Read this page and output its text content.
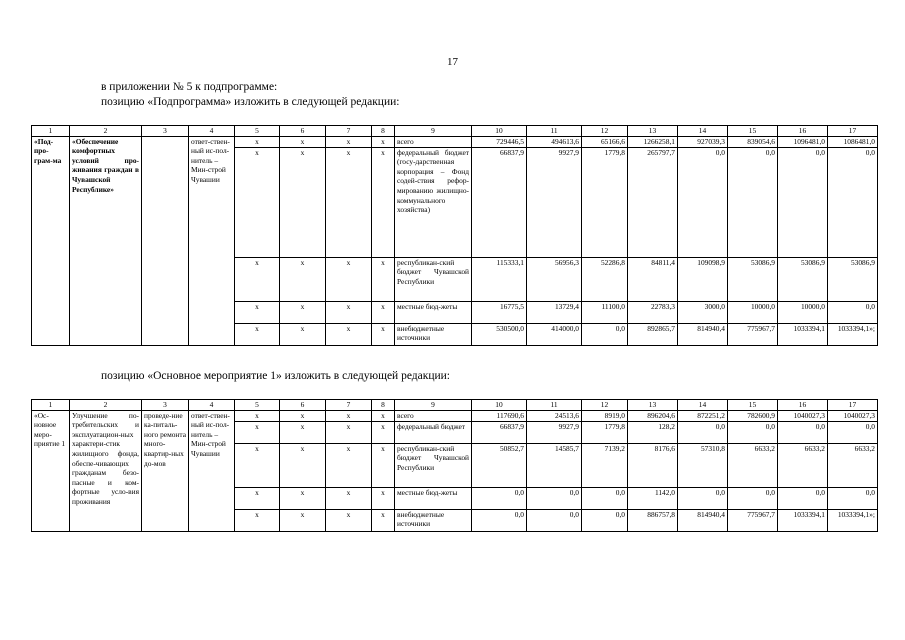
17
в приложении № 5 к подпрограмме:
позицию «Подпрограмма» изложить в следующей редакции:
1	2	3	4	5	6	7	8	9	10	11	12	13	14	15	16	17
«Под-про-грам-ма	«Обеспечение комфортных условий про-живания граждан в Чувашской Республике»		ответ-ствен-ный ис-пол-нитель – Мин-строй Чувашии	x	x	x	x	всего	729446,5	494613,6	65166,6	1266258,1	927039,3	839054,6	1096481,0	1086481,0
				x	x	x	x	федеральный бюджет (госу-дарственная корпорация – Фонд содей-ствия рефор-мированию жилищно-коммунального хозяйства)	66837,9	9927,9	1779,8	265797,7	0,0	0,0	0,0	0,0
				x	x	x	x	республикан-ский бюджет Чувашской Республики	115333,1	56956,3	52286,8	84811,4	109098,9	53086,9	53086,9	53086,9
				x	x	x	x	местные бюд-жеты	16775,5	13729,4	11100,0	22783,3	3000,0	10000,0	10000,0	0,0
				x	x	x	x	внебюджетные источники	530500,0	414000,0	0,0	892865,7	814940,4	775967,7	1033394,1	1033394,1»;
позицию «Основное мероприятие 1» изложить в следующей редакции:
1	2	3	4	5	6	7	8	9	10	11	12	13	14	15	16	17
«Ос-новное меро-приятие 1	Улучшение по-требительских и эксплуатацион-ных характери-стик жилищного фонда, обеспе-чивающих гражданам безо-пасные и ком-фортные усло-вия проживания	проведе-ние ка-питаль-ного ремонта много-квартир-ных до-мов	ответ-ствен-ный ис-пол-нитель – Мин-строй Чувашии	x	x	x	x	всего	117690,6	24513,6	8919,0	896204,6	872251,2	782600,9	1040027,3	1040027,3
				x	x	x	x	федеральный бюджет	66837,9	9927,9	1779,8	128,2	0,0	0,0	0,0	0,0
				x	x	x	x	республикан-ский бюджет Чувашской Республики	50852,7	14585,7	7139,2	8176,6	57310,8	6633,2	6633,2	6633,2
				x	x	x	x	местные бюд-жеты	0,0	0,0	0,0	1142,0	0,0	0,0	0,0	0,0
				x	x	x	x	внебюджетные источники	0,0	0,0	0,0	886757,8	814940,4	775967,7	1033394,1	1033394,1»;
